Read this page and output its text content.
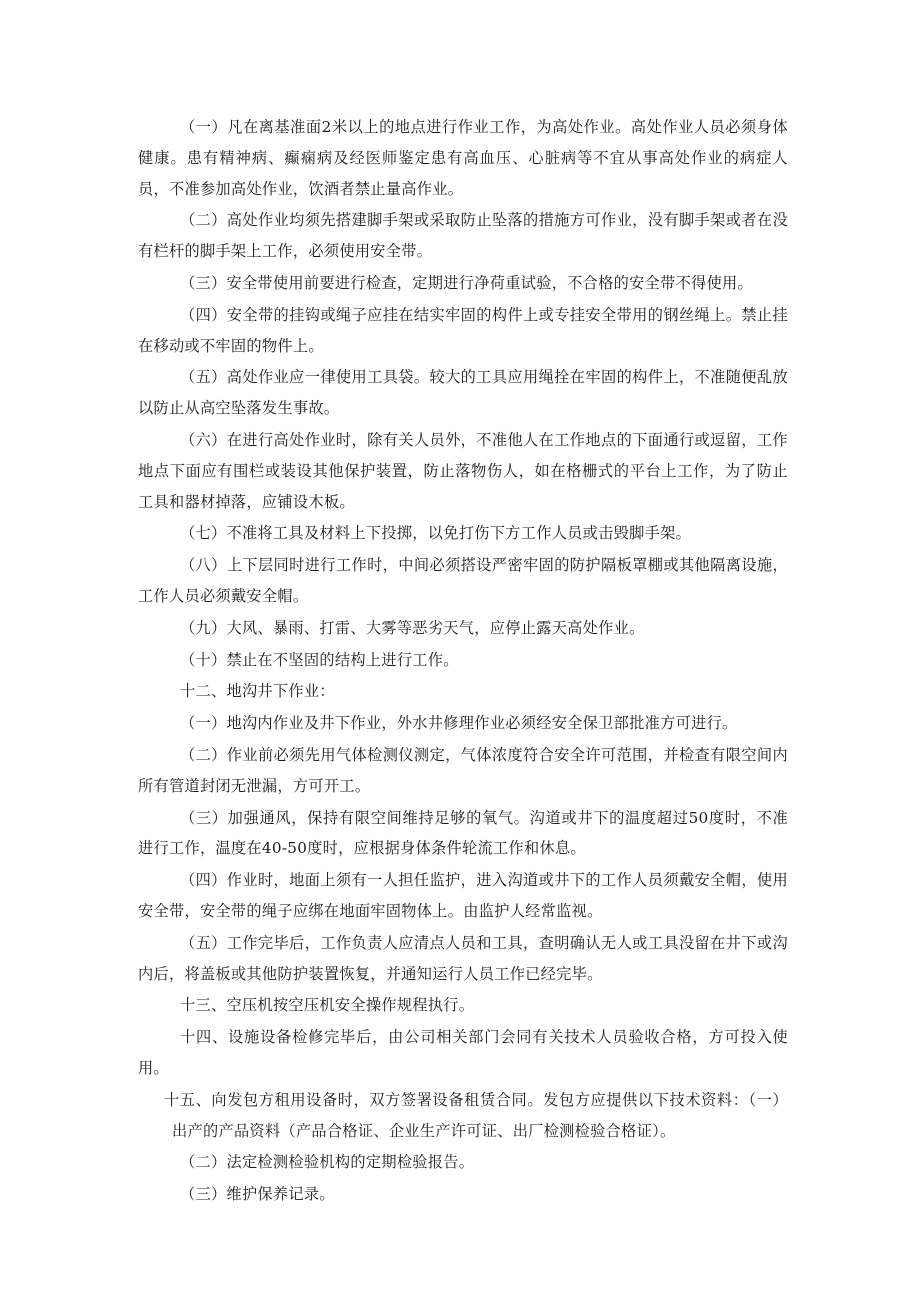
（一）凡在离基准面2米以上的地点进行作业工作，为高处作业。高处作业人员必须身体健康。患有精神病、癫痫病及经医师鉴定患有高血压、心脏病等不宜从事高处作业的病症人员，不准参加高处作业，饮酒者禁止量高作业。

（二）高处作业均须先搭建脚手架或采取防止坠落的措施方可作业，没有脚手架或者在没有栏杆的脚手架上工作，必须使用安全带。

（三）安全带使用前要进行检查，定期进行净荷重试验，不合格的安全带不得使用。

（四）安全带的挂钩或绳子应挂在结实牢固的构件上或专挂安全带用的钢丝绳上。禁止挂在移动或不牢固的物件上。

（五）高处作业应一律使用工具袋。较大的工具应用绳拴在牢固的构件上，不准随便乱放以防止从高空坠落发生事故。

（六）在进行高处作业时，除有关人员外，不准他人在工作地点的下面通行或逗留，工作地点下面应有围栏或装设其他保护装置，防止落物伤人，如在格栅式的平台上工作，为了防止工具和器材掉落，应铺设木板。

（七）不准将工具及材料上下投掷，以免打伤下方工作人员或击毁脚手架。

（八）上下层同时进行工作时，中间必须搭设严密牢固的防护隔板罩棚或其他隔离设施，工作人员必须戴安全帽。

（九）大风、暴雨、打雷、大雾等恶劣天气，应停止露天高处作业。

（十）禁止在不坚固的结构上进行工作。

十二、地沟井下作业：

（一）地沟内作业及井下作业，外水井修理作业必须经安全保卫部批准方可进行。

（二）作业前必须先用气体检测仪测定，气体浓度符合安全许可范围，并检查有限空间内所有管道封闭无泄漏，方可开工。

（三）加强通风，保持有限空间维持足够的氧气。沟道或井下的温度超过50度时，不准进行工作，温度在40-50度时，应根据身体条件轮流工作和休息。

（四）作业时，地面上须有一人担任监护，进入沟道或井下的工作人员须戴安全帽，使用安全带，安全带的绳子应绑在地面牢固物体上。由监护人经常监视。

（五）工作完毕后，工作负责人应清点人员和工具，查明确认无人或工具没留在井下或沟内后，将盖板或其他防护装置恢复，并通知运行人员工作已经完毕。

十三、空压机按空压机安全操作规程执行。

十四、设施设备检修完毕后，由公司相关部门会同有关技术人员验收合格，方可投入使用。

十五、向发包方租用设备时，双方签署设备租赁合同。发包方应提供以下技术资料：（一）出产的产品资料（产品合格证、企业生产许可证、出厂检测检验合格证）。

（二）法定检测检验机构的定期检验报告。

（三）维护保养记录。
